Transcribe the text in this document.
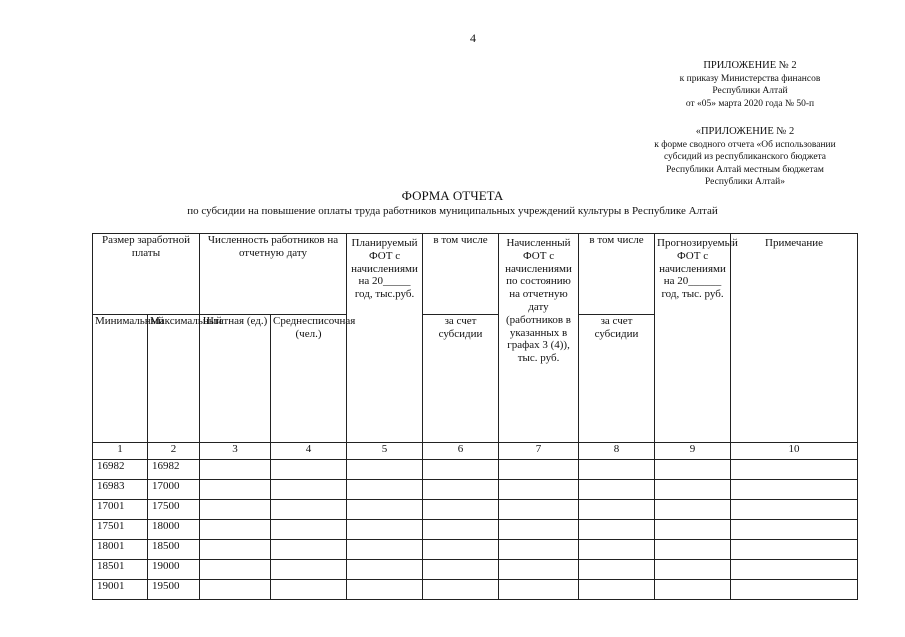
4
ПРИЛОЖЕНИЕ № 2
к приказу Министерства финансов
Республики Алтай
от «05» марта 2020 года № 50-п
«ПРИЛОЖЕНИЕ № 2
к форме сводного отчета «Об использовании
субсидий из республиканского бюджета
Республики Алтай местным бюджетам
Республики Алтай»
ФОРМА ОТЧЕТА
по субсидии на повышение оплаты труда работников муниципальных учреждений культуры в Республике Алтай
Размер заработной платы		Численность работников на отчетную дату		Планируемый ФОТ с начислениями на 20_____ год, тыс.руб.	в том числе	Начисленный ФОТ с начислениями по состоянию на отчетную дату (работников в указанных в графах 3 (4)), тыс. руб.	в том числе	Прогнозируемый ФОТ с начислениями на 20______ год, тыс. руб.	Примечание
Минимальный	Максимальный	Штатная (ед.)	Среднесписочная (чел.)		за счет субсидии		за счет субсидии		
1	2	3	4	5	6	7	8	9	10
16982	16982								
16983	17000								
17001	17500								
17501	18000								
18001	18500								
18501	19000								
19001	19500								
